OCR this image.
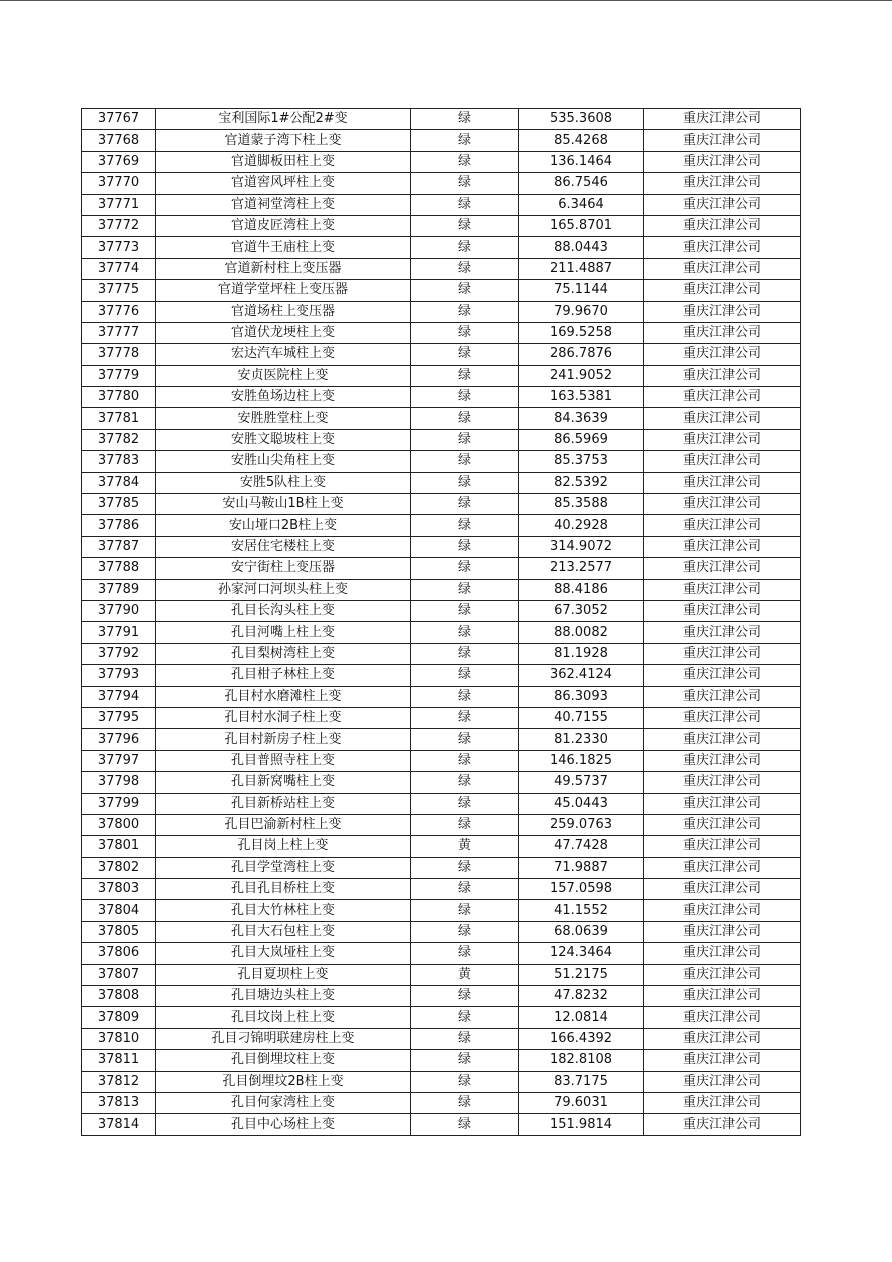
37767	宝利国际1#公配2#变	绿	535.3608	重庆江津公司
37768	官道蒙子湾下柱上变	绿	85.4268	重庆江津公司
37769	官道脚板田柱上变	绿	136.1464	重庆江津公司
37770	官道窖风坪柱上变	绿	86.7546	重庆江津公司
37771	官道祠堂湾柱上变	绿	6.3464	重庆江津公司
37772	官道皮匠湾柱上变	绿	165.8701	重庆江津公司
37773	官道牛王庙柱上变	绿	88.0443	重庆江津公司
37774	官道新村柱上变压器	绿	211.4887	重庆江津公司
37775	官道学堂坪柱上变压器	绿	75.1144	重庆江津公司
37776	官道场柱上变压器	绿	79.9670	重庆江津公司
37777	官道伏龙埂柱上变	绿	169.5258	重庆江津公司
37778	宏达汽车城柱上变	绿	286.7876	重庆江津公司
37779	安贞医院柱上变	绿	241.9052	重庆江津公司
37780	安胜鱼场边柱上变	绿	163.5381	重庆江津公司
37781	安胜胜堂柱上变	绿	84.3639	重庆江津公司
37782	安胜文聪坡柱上变	绿	86.5969	重庆江津公司
37783	安胜山尖角柱上变	绿	85.3753	重庆江津公司
37784	安胜5队柱上变	绿	82.5392	重庆江津公司
37785	安山马鞍山1B柱上变	绿	85.3588	重庆江津公司
37786	安山垭口2B柱上变	绿	40.2928	重庆江津公司
37787	安居住宅楼柱上变	绿	314.9072	重庆江津公司
37788	安宁街柱上变压器	绿	213.2577	重庆江津公司
37789	孙家河口河坝头柱上变	绿	88.4186	重庆江津公司
37790	孔目长沟头柱上变	绿	67.3052	重庆江津公司
37791	孔目河嘴上柱上变	绿	88.0082	重庆江津公司
37792	孔目梨树湾柱上变	绿	81.1928	重庆江津公司
37793	孔目柑子林柱上变	绿	362.4124	重庆江津公司
37794	孔目村水磨滩柱上变	绿	86.3093	重庆江津公司
37795	孔目村水洞子柱上变	绿	40.7155	重庆江津公司
37796	孔目村新房子柱上变	绿	81.2330	重庆江津公司
37797	孔目普照寺柱上变	绿	146.1825	重庆江津公司
37798	孔目新窝嘴柱上变	绿	49.5737	重庆江津公司
37799	孔目新桥站柱上变	绿	45.0443	重庆江津公司
37800	孔目巴渝新村柱上变	绿	259.0763	重庆江津公司
37801	孔目岗上柱上变	黄	47.7428	重庆江津公司
37802	孔目学堂湾柱上变	绿	71.9887	重庆江津公司
37803	孔目孔目桥柱上变	绿	157.0598	重庆江津公司
37804	孔目大竹林柱上变	绿	41.1552	重庆江津公司
37805	孔目大石包柱上变	绿	68.0639	重庆江津公司
37806	孔目大岚垭柱上变	绿	124.3464	重庆江津公司
37807	孔目夏坝柱上变	黄	51.2175	重庆江津公司
37808	孔目塘边头柱上变	绿	47.8232	重庆江津公司
37809	孔目坟岗上柱上变	绿	12.0814	重庆江津公司
37810	孔目刁锦明联建房柱上变	绿	166.4392	重庆江津公司
37811	孔目倒埋坟柱上变	绿	182.8108	重庆江津公司
37812	孔目倒埋坟2B柱上变	绿	83.7175	重庆江津公司
37813	孔目何家湾柱上变	绿	79.6031	重庆江津公司
37814	孔目中心场柱上变	绿	151.9814	重庆江津公司
